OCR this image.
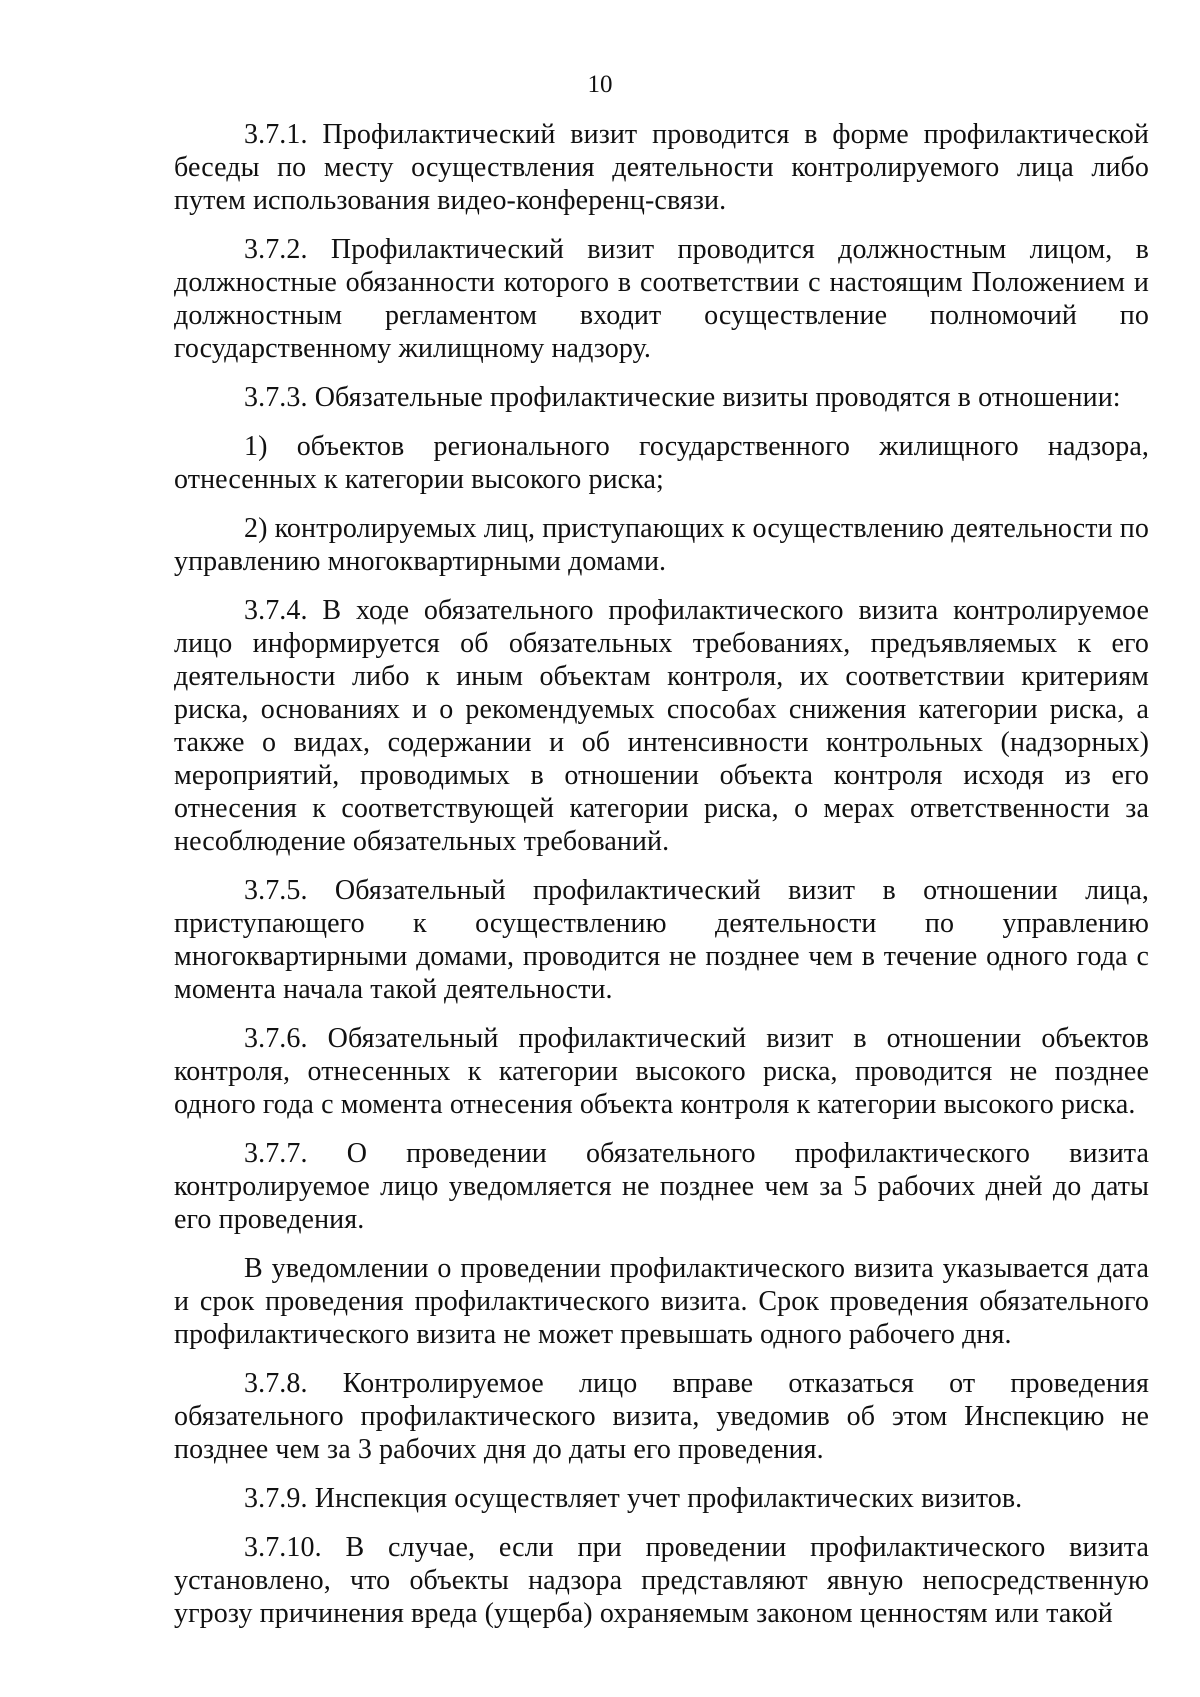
10

3.7.1. Профилактический визит проводится в форме профилактической беседы по месту осуществления деятельности контролируемого лица либо путем использования видео-конференц-связи.

3.7.2. Профилактический визит проводится должностным лицом, в должностные обязанности которого в соответствии с настоящим Положением и должностным регламентом входит осуществление полномочий по государственному жилищному надзору.

3.7.3. Обязательные профилактические визиты проводятся в отношении:

1) объектов регионального государственного жилищного надзора, отнесенных к категории высокого риска;

2) контролируемых лиц, приступающих к осуществлению деятельности по управлению многоквартирными домами.

3.7.4. В ходе обязательного профилактического визита контролируемое лицо информируется об обязательных требованиях, предъявляемых к его деятельности либо к иным объектам контроля, их соответствии критериям риска, основаниях и о рекомендуемых способах снижения категории риска, а также о видах, содержании и об интенсивности контрольных (надзорных) мероприятий, проводимых в отношении объекта контроля исходя из его отнесения к соответствующей категории риска, о мерах ответственности за несоблюдение обязательных требований.

3.7.5. Обязательный профилактический визит в отношении лица, приступающего к осуществлению деятельности по управлению многоквартирными домами, проводится не позднее чем в течение одного года с момента начала такой деятельности.

3.7.6. Обязательный профилактический визит в отношении объектов контроля, отнесенных к категории высокого риска, проводится не позднее одного года с момента отнесения объекта контроля к категории высокого риска.

3.7.7. О проведении обязательного профилактического визита контролируемое лицо уведомляется не позднее чем за 5 рабочих дней до даты его проведения.

В уведомлении о проведении профилактического визита указывается дата и срок проведения профилактического визита. Срок проведения обязательного профилактического визита не может превышать одного рабочего дня.

3.7.8. Контролируемое лицо вправе отказаться от проведения обязательного профилактического визита, уведомив об этом Инспекцию не позднее чем за 3 рабочих дня до даты его проведения.

3.7.9. Инспекция осуществляет учет профилактических визитов.

3.7.10. В случае, если при проведении профилактического визита установлено, что объекты надзора представляют явную непосредственную угрозу причинения вреда (ущерба) охраняемым законом ценностям или такой
